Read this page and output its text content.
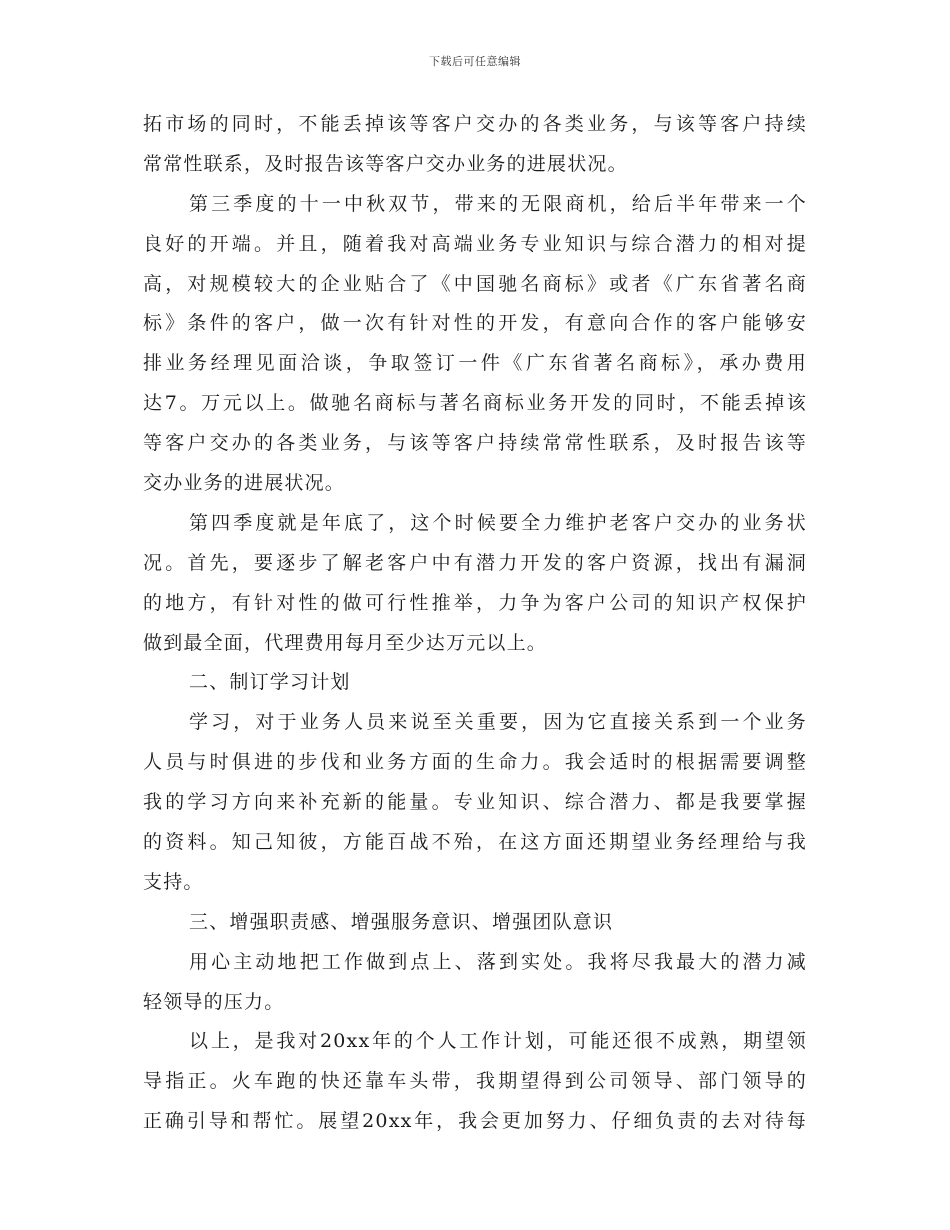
下载后可任意编辑
拓市场的同时，不能丢掉该等客户交办的各类业务，与该等客户持续
常常性联系，及时报告该等客户交办业务的进展状况。
第三季度的十一中秋双节，带来的无限商机，给后半年带来一个
良好的开端。并且，随着我对高端业务专业知识与综合潜力的相对提
高，对规模较大的企业贴合了《中国驰名商标》或者《广东省著名商
标》条件的客户，做一次有针对性的开发，有意向合作的客户能够安
排业务经理见面洽谈，争取签订一件《广东省著名商标》，承办费用
达7。万元以上。做驰名商标与著名商标业务开发的同时，不能丢掉该
等客户交办的各类业务，与该等客户持续常常性联系，及时报告该等
交办业务的进展状况。
第四季度就是年底了，这个时候要全力维护老客户交办的业务状
况。首先，要逐步了解老客户中有潜力开发的客户资源，找出有漏洞
的地方，有针对性的做可行性推举，力争为客户公司的知识产权保护
做到最全面，代理费用每月至少达万元以上。
二、制订学习计划
学习，对于业务人员来说至关重要，因为它直接关系到一个业务
人员与时俱进的步伐和业务方面的生命力。我会适时的根据需要调整
我的学习方向来补充新的能量。专业知识、综合潜力、都是我要掌握
的资料。知己知彼，方能百战不殆，在这方面还期望业务经理给与我
支持。
三、增强职责感、增强服务意识、增强团队意识
用心主动地把工作做到点上、落到实处。我将尽我最大的潜力减
轻领导的压力。
以上，是我对20xx年的个人工作计划，可能还很不成熟，期望领
导指正。火车跑的快还靠车头带，我期望得到公司领导、部门领导的
正确引导和帮忙。展望20xx年，我会更加努力、仔细负责的去对待每
